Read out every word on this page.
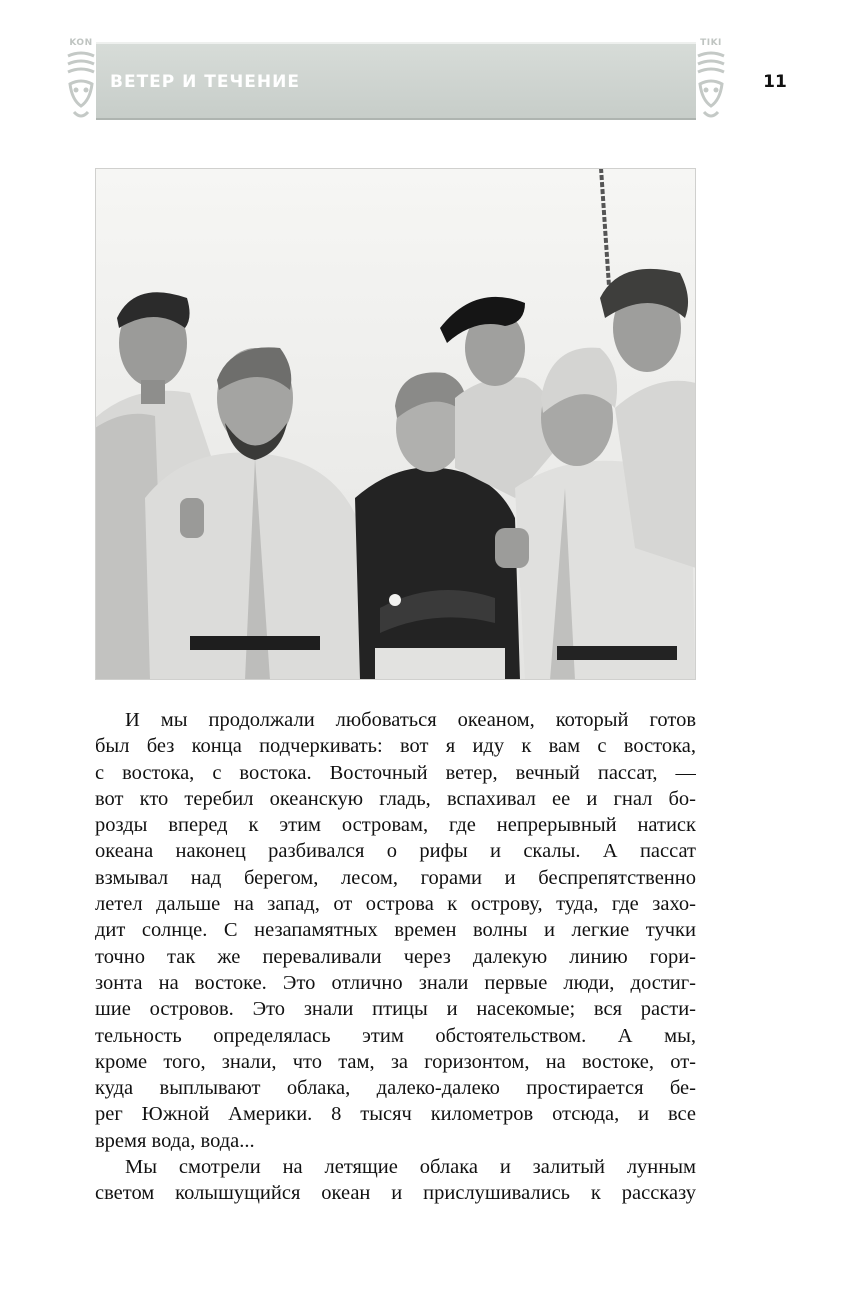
KON
ВЕТЕР И ТЕЧЕНИЕ
TIKI
11
И мы продолжали любоваться океаном, который готов
был без конца подчеркивать: вот я иду к вам с востока,
с востока, с востока. Восточный ветер, вечный пассат, —
вот кто теребил океанскую гладь, вспахивал ее и гнал бо-
розды вперед к этим островам, где непрерывный натиск
океана наконец разбивался о рифы и скалы. А пассат
взмывал над берегом, лесом, горами и беспрепятственно
летел дальше на запад, от острова к острову, туда, где захо-
дит солнце. С незапамятных времен волны и легкие тучки
точно так же переваливали через далекую линию гори-
зонта на востоке. Это отлично знали первые люди, достиг-
шие островов. Это знали птицы и насекомые; вся расти-
тельность определялась этим обстоятельством. А мы,
кроме того, знали, что там, за горизонтом, на востоке, от-
куда выплывают облака, далеко-далеко простирается бе-
рег Южной Америки. 8 тысяч километров отсюда, и все
время вода, вода...
Мы смотрели на летящие облака и залитый лунным
светом колышущийся океан и прислушивались к рассказу
